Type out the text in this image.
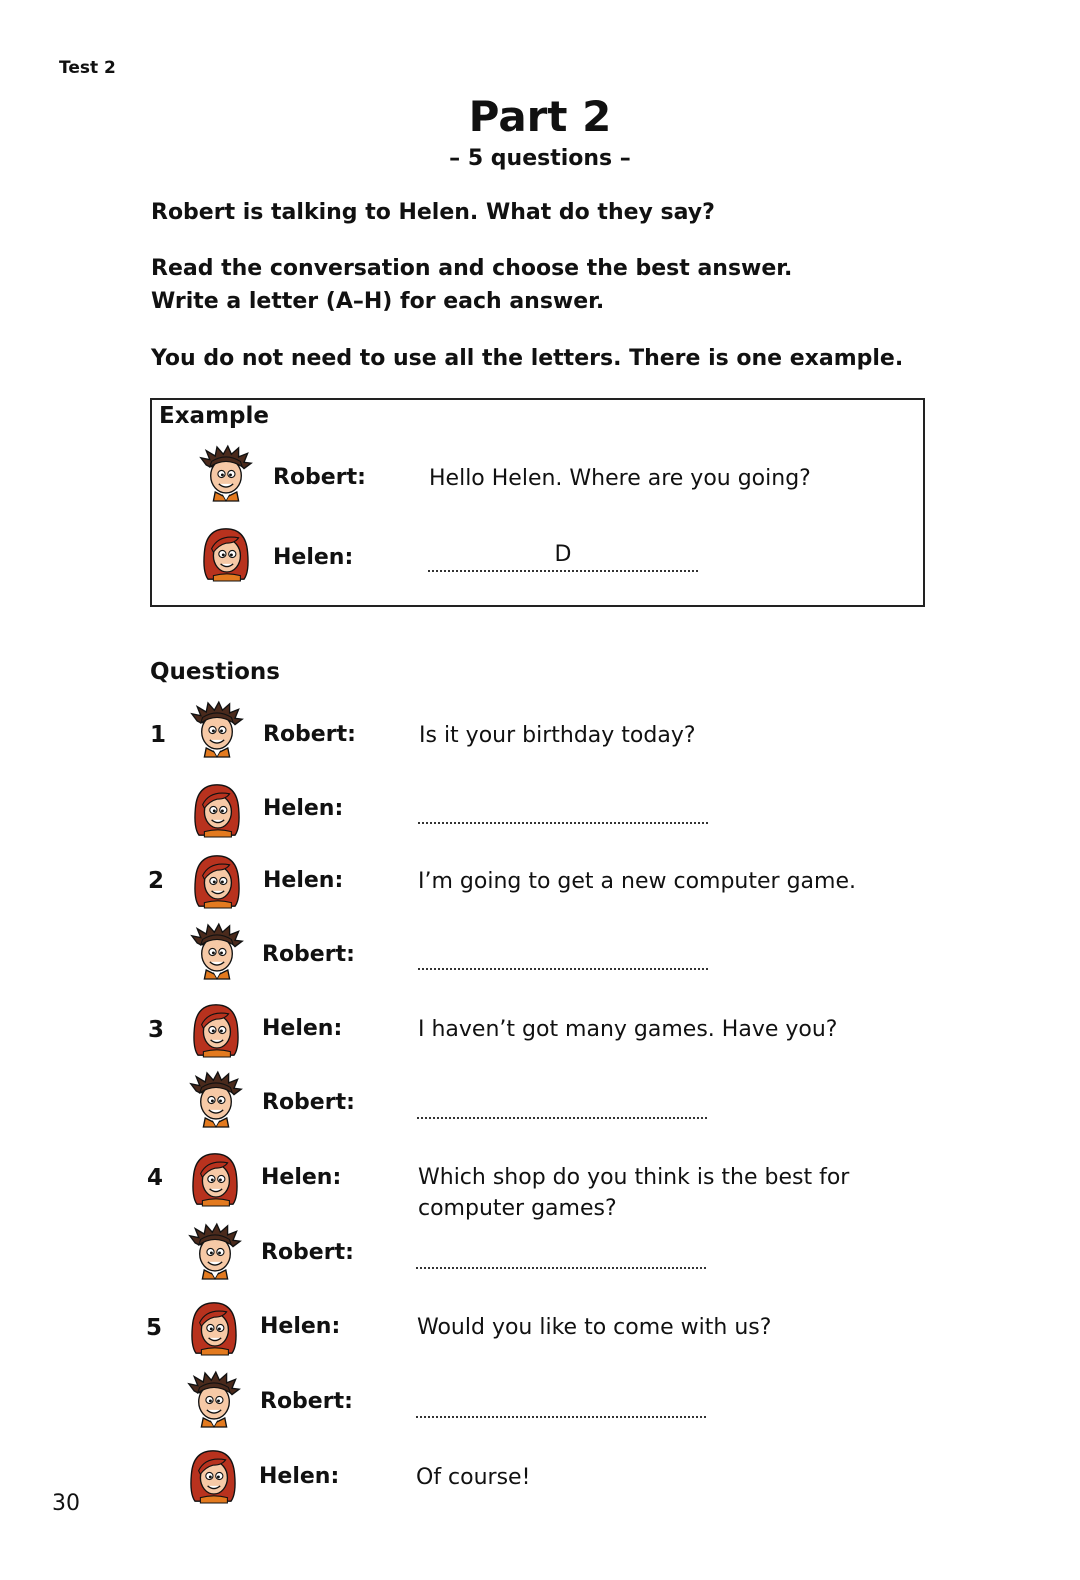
Test 2
Part 2
– 5 questions –
Robert is talking to Helen. What do they say?
Read the conversation and choose the best answer.
Write a letter (A–H) for each answer.
You do not need to use all the letters. There is one example.
Example
Robert:	Hello Helen. Where are you going?
Helen:	D
Questions
1	Robert:	Is it your birthday today?
Helen:
2	Helen:	I’m going to get a new computer game.
Robert:
3	Helen:	I haven’t got many games. Have you?
Robert:
4	Helen:	Which shop do you think is the best for
computer games?
Robert:
5	Helen:	Would you like to come with us?
Robert:
Helen:	Of course!
30
